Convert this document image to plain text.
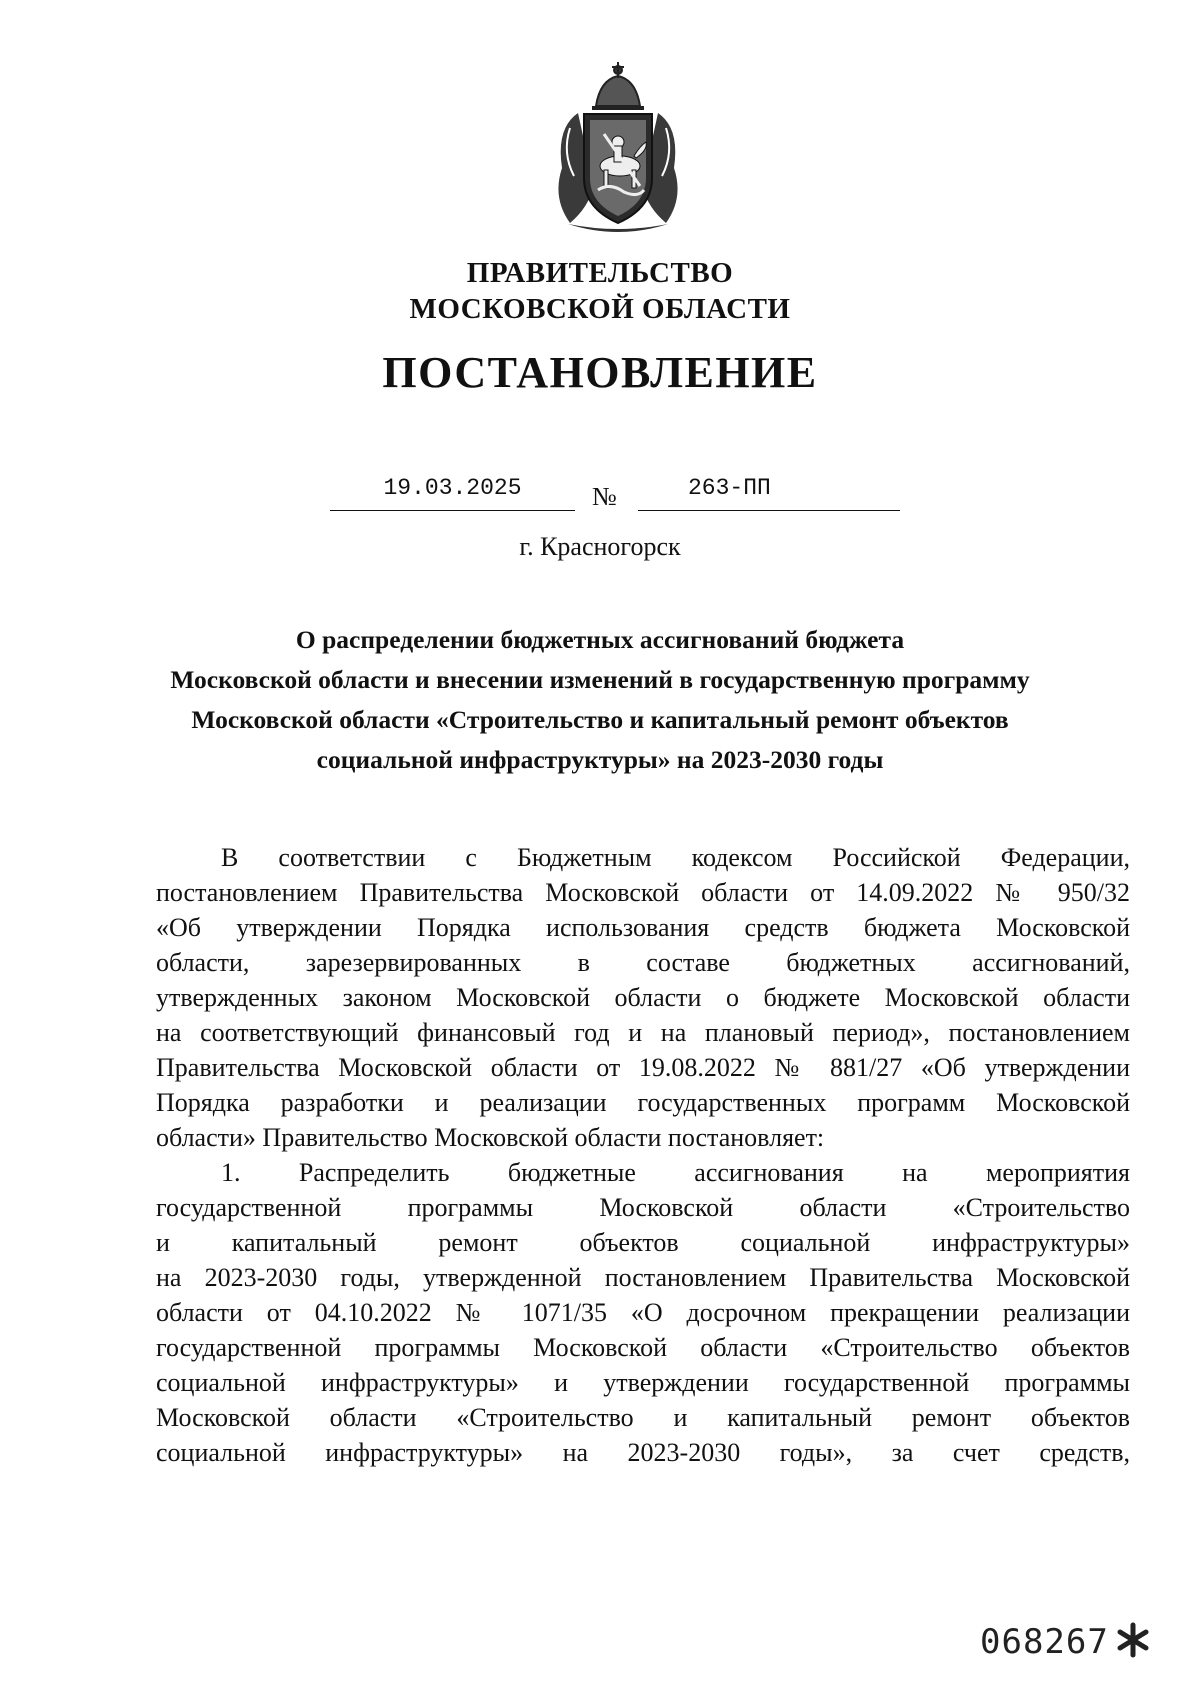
ПРАВИТЕЛЬСТВО
МОСКОВСКОЙ ОБЛАСТИ
ПОСТАНОВЛЕНИЕ
19.03.2025	№	263-ПП
г. Красногорск
О распределении бюджетных ассигнований бюджета
Московской области и внесении изменений в государственную программу
Московской области «Строительство и капитальный ремонт объектов
социальной инфраструктуры» на 2023-2030 годы
В соответствии с Бюджетным кодексом Российской Федерации,
постановлением Правительства Московской области от 14.09.2022 № 950/32
«Об утверждении Порядка использования средств бюджета Московской
области, зарезервированных в составе бюджетных ассигнований,
утвержденных законом Московской области о бюджете Московской области
на соответствующий финансовый год и на плановый период», постановлением
Правительства Московской области от 19.08.2022 № 881/27 «Об утверждении
Порядка разработки и реализации государственных программ Московской
области» Правительство Московской области постановляет:
1. Распределить бюджетные ассигнования на мероприятия
государственной программы Московской области «Строительство
и капитальный ремонт объектов социальной инфраструктуры»
на 2023-2030 годы, утвержденной постановлением Правительства Московской
области от 04.10.2022 № 1071/35 «О досрочном прекращении реализации
государственной программы Московской области «Строительство объектов
социальной инфраструктуры» и утверждении государственной программы
Московской области «Строительство и капитальный ремонт объектов
социальной инфраструктуры» на 2023-2030 годы», за счет средств,
068267
